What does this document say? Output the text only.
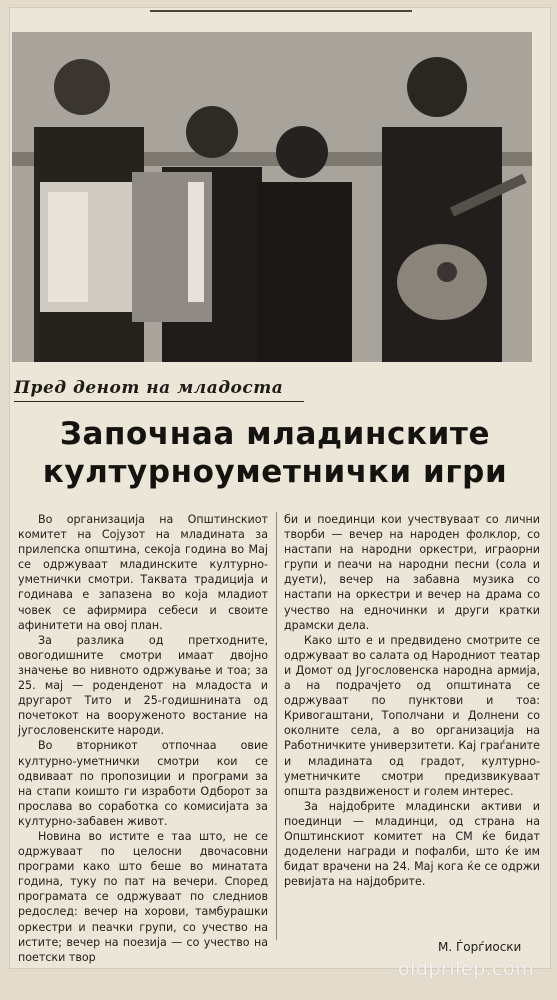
Пред денот на младоста
Започнаа младинските
културноуметнички игри

Во организација на Општинскиот комитет на Сојузот на младината за прилепска општина, секоја година во Мај се одржуваат младинските културно-уметнички смотри. Таквата традиција и годинава е запазена во која младиот човек се афирмира себеси и своите афинитети на овој план.

За разлика од претходните, овогодишните смотри имаат двојно значење во нивното одржување и тоа; за 25. мај — роденденот на младоста и другарот Тито и 25-годишнината од почетокот на вооруженото востание на југословенските народи.

Во вторникот отпочнаа овие културно-уметнички смотри кои се одвиваат по пропозиции и програми за на стапи коишто ги изработи Одборот за прослава во соработка со комисијата за културно-забавен живот.

Новина во истите е таа што, не се одржуваат по целосни двочасовни програми како што беше во минатата година, туку по пат на вечери. Според програмата се одржуваат по следниов редослед: вечер на хорови, тамбурашки оркестри и пеачки групи, со учество на истите; вечер на поезија — со учество на поетски твор

би и поединци кои учествуваат со лични творби — вечер на народен фолклор, со настапи на народни оркестри, играорни групи и пеачи на народни песни (сола и дуети), вечер на забавна музика со настапи на оркестри и вечер на драма со учество на едночинки и други кратки драмски дела.

Како што е и предвидено смотрите се одржуваат во салата од Народниот театар и Домот од Југословенска народна армија, а на подрачјето од општината се одржуваат по пунктови и тоа: Кривогаштани, Тополчани и Долнени со околните села, а во организација на Работничките универзитети. Кај граѓаните и младината од градот, културно-уметничките смотри предизвикуваат општа раздвиженост и голем интерес.

За најдобрите младински активи и поединци — младинци, од страна на Општинскиот комитет на СМ ќе бидат доделени награди и пофалби, што ќе им бидат врачени на 24. Мај кога ќе се одржи ревијата на најдобрите.

М. Ѓорѓиоски
oldprilep.com
